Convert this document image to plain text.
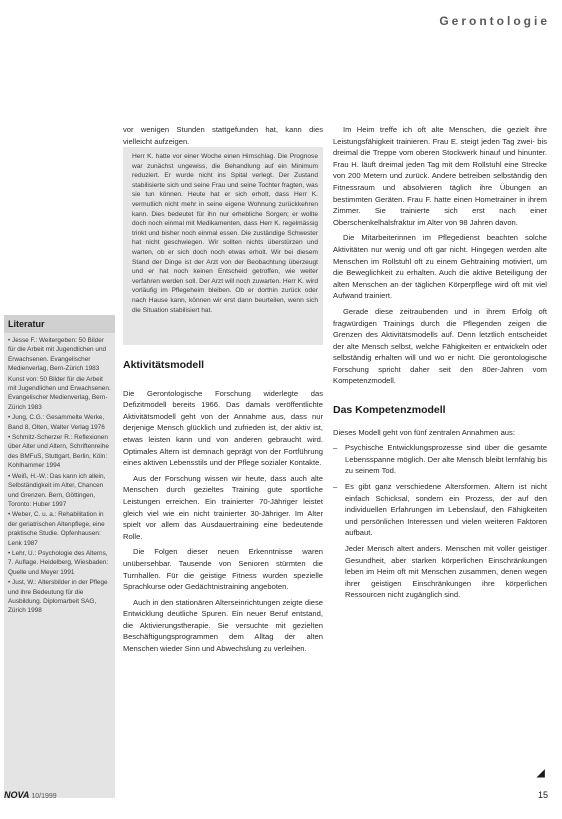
Gerontologie
Literatur
• Jesse F.: Weitergeben: 50 Bilder für die Arbeit mit Jugendlichen und Erwachsenen. Evangelischer Medienverlag, Bern-Zürich 1983
Kunst von: 50 Bilder für die Arbeit mit Jugendlichen und Erwachsenen. Evangelischer Medienverlag, Bern-Zürich 1983
• Jung, C.G.: Gesammelte Werke, Band 8, Olten, Walter Verlag 1976
• Schmitz-Scherzer R.: Reflexionen über Alter und Altern, Schriftenreihe des BMFuS, Stuttgart, Berlin, Köln: Kohlhammer 1994
• Weiß, H.-W.: Das kann ich allein, Selbständigkeit im Alter, Chancen und Grenzen. Bern, Göttingen, Toronto: Huber 1997
• Weber, C. u. a.: Rehabilitation in der geriatrischen Altenpflege, eine praktische Studie. Opfenhausen: Lenk 1987
• Lehr, U.: Psychologie des Alterns, 7. Auflage. Heidelberg, Wiesbaden: Quelle und Meyer 1991
• Just, W.: Altersbilder in der Pflege und ihre Bedeutung für die Ausbildung. Diplomarbeit SAG, Zürich 1998

vor wenigen Stunden stattgefunden hat, kann dies vielleicht aufzeigen.

Herr K. hatte vor einer Woche einen Hirnschlag. Die Prognose war zunächst ungewiss, die Behandlung auf ein Minimum reduziert. Er wurde nicht ins Spital verlegt. Der Zustand stabilisierte sich und seine Frau und seine Tochter fragten, was sie tun können. Heute hat er sich erholt, dass Herr K. vermutlich nicht mehr in seine eigene Wohnung zurückkehren kann. Dies bedeutet für ihn nur erhebliche Sorgen; er wollte doch noch einmal mit Medikamenten, dass Herr K. regelmässig trinkt und bisher noch einmal essen. Die zuständige Schwester hat nicht geschwiegen. Wir sollten nichts überstürzen und warten, ob er sich doch noch etwas erholt. Wir bei diesem Stand der Dinge ist der Arzt von der Beobachtung überzeugt und er hat noch keinen Entscheid getroffen, wie weiter verfahren werden soll. Der Arzt will noch zuwarten. Herr K. wird vorläufig im Pflegeheim bleiben. Ob er dorthin zurück oder nach Hause kann, können wir erst dann beurteilen, wenn sich die Situation stabilisiert hat.
Aktivitätsmodell

Die Gerontologische Forschung widerlegte das Defizitmodell bereits 1966. Das damals veröffentlichte Aktivitätsmodell geht von der Annahme aus, dass nur derjenige Mensch glücklich und zufrieden ist, der aktiv ist, etwas leisten kann und von anderen gebraucht wird. Optimales Altern ist demnach geprägt von der Fortführung eines aktiven Lebensstils und der Pflege sozialer Kontakte.

Aus der Forschung wissen wir heute, dass auch alte Menschen durch gezieltes Training gute sportliche Leistungen erreichen. Ein trainierter 70-Jähriger leistet gleich viel wie ein nicht trainierter 30-Jähriger. Im Alter spielt vor allem das Ausdauertraining eine bedeutende Rolle.

Die Folgen dieser neuen Erkenntnisse waren unübersehbar. Tausende von Senioren stürmten die Turnhallen. Für die geistige Fitness wurden spezielle Sprachkurse oder Gedächtnistraining angeboten.

Auch in den stationären Alterseinrichtungen zeigte diese Entwicklung deutliche Spuren. Ein neuer Beruf entstand, die Aktivierungstherapie. Sie versuchte mit gezielten Beschäftigungsprogrammen dem Alltag der alten Menschen wieder Sinn und Abwechslung zu verleihen.

Im Heim treffe ich oft alte Menschen, die gezielt ihre Leistungsfähigkeit trainieren. Frau E. steigt jeden Tag zwei- bis dreimal die Treppe vom oberen Stockwerk hinauf und hinunter. Frau H. läuft dreimal jeden Tag mit dem Rollstuhl eine Strecke von 200 Metern und zurück. Andere betreiben selbständig den Fitnessraum und absolvieren täglich ihre Übungen an bestimmten Geräten. Frau F. hatte einen Hometrainer in ihrem Zimmer. Sie trainierte sich erst nach einer Oberschenkelhalsfraktur im Alter von 98 Jahren davon.

Die Mitarbeiterinnen im Pflegedienst beachten solche Aktivitäten nur wenig und oft gar nicht. Hingegen werden alte Menschen im Rollstuhl oft zu einem Gehtraining motiviert, um die Beweglichkeit zu erhalten. Auch die aktive Beteiligung der alten Menschen an der täglichen Körperpflege wird oft mit viel Aufwand trainiert.

Gerade diese zeitraubenden und in ihrem Erfolg oft fragwürdigen Trainings durch die Pflegenden zeigen die Grenzen des Aktivitätsmodells auf. Denn letztlich entscheidet der alte Mensch selbst, welche Fähigkeiten er entwickeln oder selbständig erhalten will und wo er nicht. Die gerontologische Forschung spricht daher seit den 80er-Jahren vom Kompetenzmodell.

Das Kompetenzmodell

Dieses Modell geht von fünf zentralen Annahmen aus:

– Psychische Entwicklungsprozesse sind über die gesamte Lebensspanne möglich. Der alte Mensch bleibt lernfähig bis zu seinem Tod.
– Es gibt ganz verschiedene Altersformen. Altern ist nicht einfach Schicksal, sondern ein Prozess, der auf den individuellen Erfahrungen im Lebenslauf, den Fähigkeiten und persönlichen Interessen und vielen weiteren Faktoren aufbaut.

Jeder Mensch altert anders. Menschen mit voller geistiger Gesundheit, aber starken körperlichen Einschränkungen leben im Heim oft mit Menschen zusammen, denen wegen ihrer geistigen Einschränkungen ihre körperlichen Ressourcen nicht zugänglich sind.

◢
NOVA 10/1999	15
